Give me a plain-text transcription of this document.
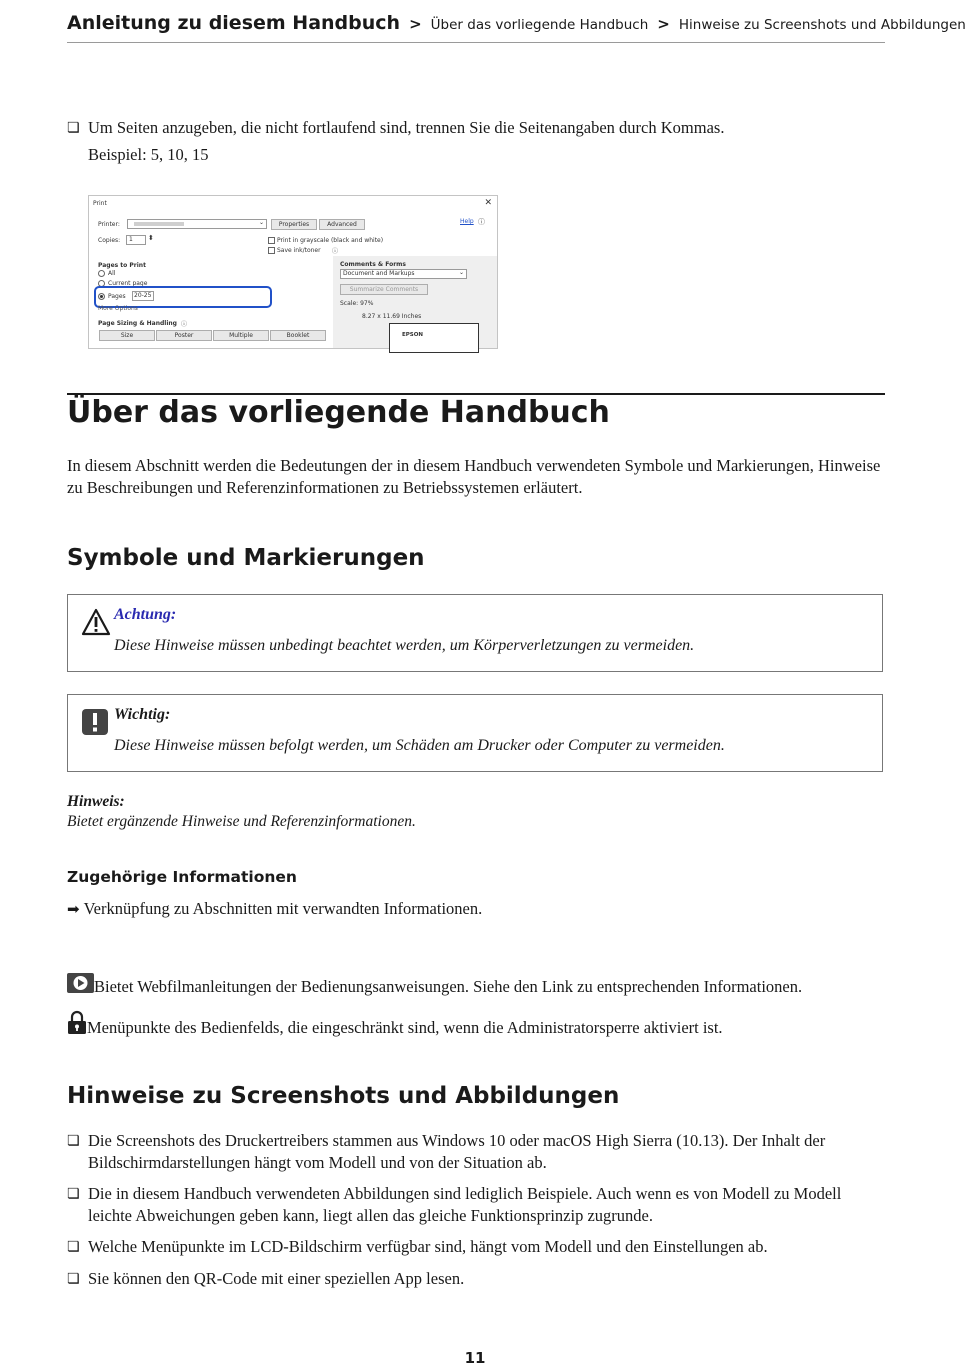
Anleitung zu diesem Handbuch > Über das vorliegende Handbuch > Hinweise zu Screenshots und Abbildungen
❏ Um Seiten anzugeben, die nicht fortlaufend sind, trennen Sie die Seitenangaben durch Kommas.
Beispiel: 5, 10, 15
Print	✕
Printer:	⌄	Properties	Advanced	Help ⓘ
Copies: 1 ⬍	Print in grayscale (black and white)
Save ink/toner ⓘ
Pages to Print
All
Current page
Pages 20-25
More Options
Page Sizing & Handling ⓘ
Size	Poster	Multiple	Booklet
Comments & Forms
Document and Markups	⌄
Summarize Comments
Scale: 97%
8.27 x 11.69 Inches
EPSON
Über das vorliegende Handbuch
In diesem Abschnitt werden die Bedeutungen der in diesem Handbuch verwendeten Symbole und Markierungen, Hinweise zu Beschreibungen und Referenzinformationen zu Betriebssystemen erläutert.
Symbole und Markierungen
Achtung:
Diese Hinweise müssen unbedingt beachtet werden, um Körperverletzungen zu vermeiden.
Wichtig:
Diese Hinweise müssen befolgt werden, um Schäden am Drucker oder Computer zu vermeiden.
Hinweis:
Bietet ergänzende Hinweise und Referenzinformationen.
Zugehörige Informationen
➡ Verknüpfung zu Abschnitten mit verwandten Informationen.
Bietet Webfilmanleitungen der Bedienungsanweisungen. Siehe den Link zu entsprechenden Informationen.
Menüpunkte des Bedienfelds, die eingeschränkt sind, wenn die Administratorsperre aktiviert ist.
Hinweise zu Screenshots und Abbildungen
❏ Die Screenshots des Druckertreibers stammen aus Windows 10 oder macOS High Sierra (10.13). Der Inhalt der Bildschirmdarstellungen hängt vom Modell und von der Situation ab.
❏ Die in diesem Handbuch verwendeten Abbildungen sind lediglich Beispiele. Auch wenn es von Modell zu Modell leichte Abweichungen geben kann, liegt allen das gleiche Funktionsprinzip zugrunde.
❏ Welche Menüpunkte im LCD-Bildschirm verfügbar sind, hängt vom Modell und den Einstellungen ab.
❏ Sie können den QR-Code mit einer speziellen App lesen.
11
